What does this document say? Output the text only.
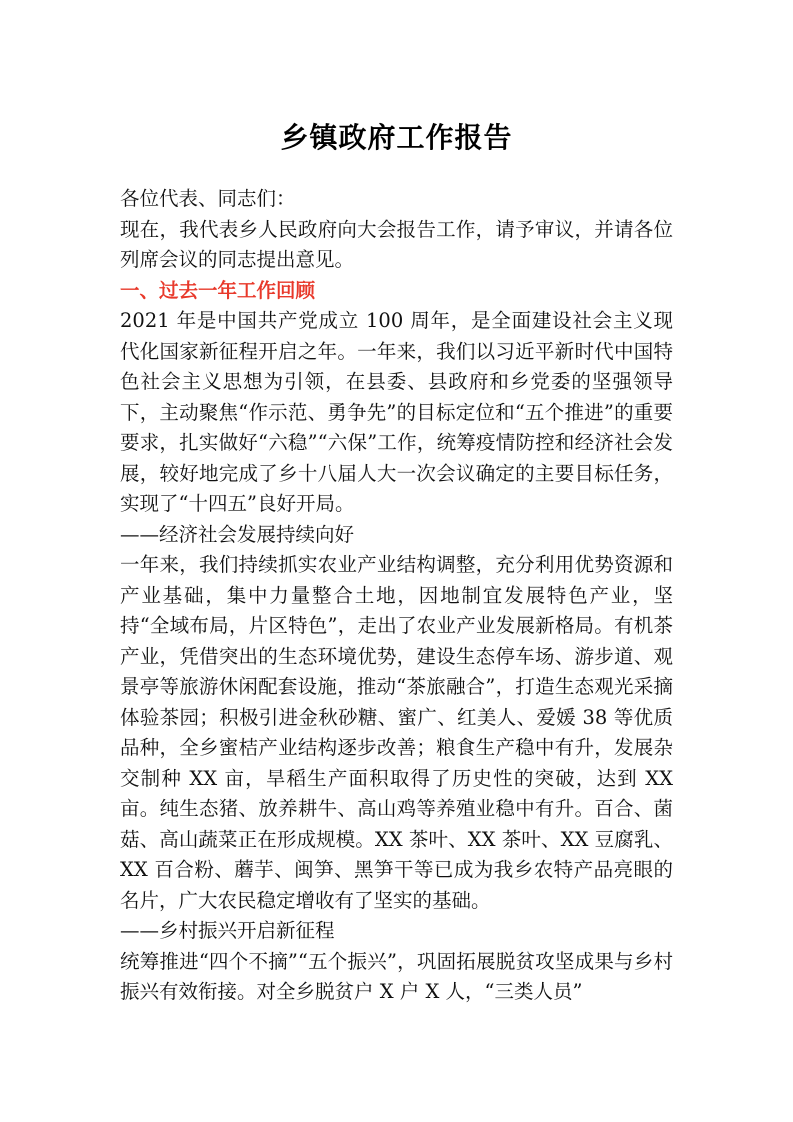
乡镇政府工作报告

各位代表、同志们：

现在，我代表乡人民政府向大会报告工作，请予审议，并请各位列席会议的同志提出意见。

一、过去一年工作回顾

2021 年是中国共产党成立 100 周年，是全面建设社会主义现代化国家新征程开启之年。一年来，我们以习近平新时代中国特色社会主义思想为引领，在县委、县政府和乡党委的坚强领导下，主动聚焦“作示范、勇争先”的目标定位和“五个推进”的重要要求，扎实做好“六稳”“六保”工作，统筹疫情防控和经济社会发展，较好地完成了乡十八届人大一次会议确定的主要目标任务，实现了“十四五”良好开局。

——经济社会发展持续向好

一年来，我们持续抓实农业产业结构调整，充分利用优势资源和产业基础，集中力量整合土地，因地制宜发展特色产业，坚持“全域布局，片区特色”，走出了农业产业发展新格局。有机茶产业，凭借突出的生态环境优势，建设生态停车场、游步道、观景亭等旅游休闲配套设施，推动“茶旅融合”，打造生态观光采摘体验茶园；积极引进金秋砂糖、蜜广、红美人、爱媛 38 等优质品种，全乡蜜桔产业结构逐步改善；粮食生产稳中有升，发展杂交制种 XX 亩，旱稻生产面积取得了历史性的突破，达到 XX 亩。纯生态猪、放养耕牛、高山鸡等养殖业稳中有升。百合、菌菇、高山蔬菜正在形成规模。XX 茶叶、XX 茶叶、XX 豆腐乳、XX 百合粉、蘑芋、闽笋、黑笋干等已成为我乡农特产品亮眼的名片，广大农民稳定增收有了坚实的基础。

——乡村振兴开启新征程

统筹推进“四个不摘”“五个振兴”，巩固拓展脱贫攻坚成果与乡村振兴有效衔接。对全乡脱贫户 X 户 X 人，“三类人员”
